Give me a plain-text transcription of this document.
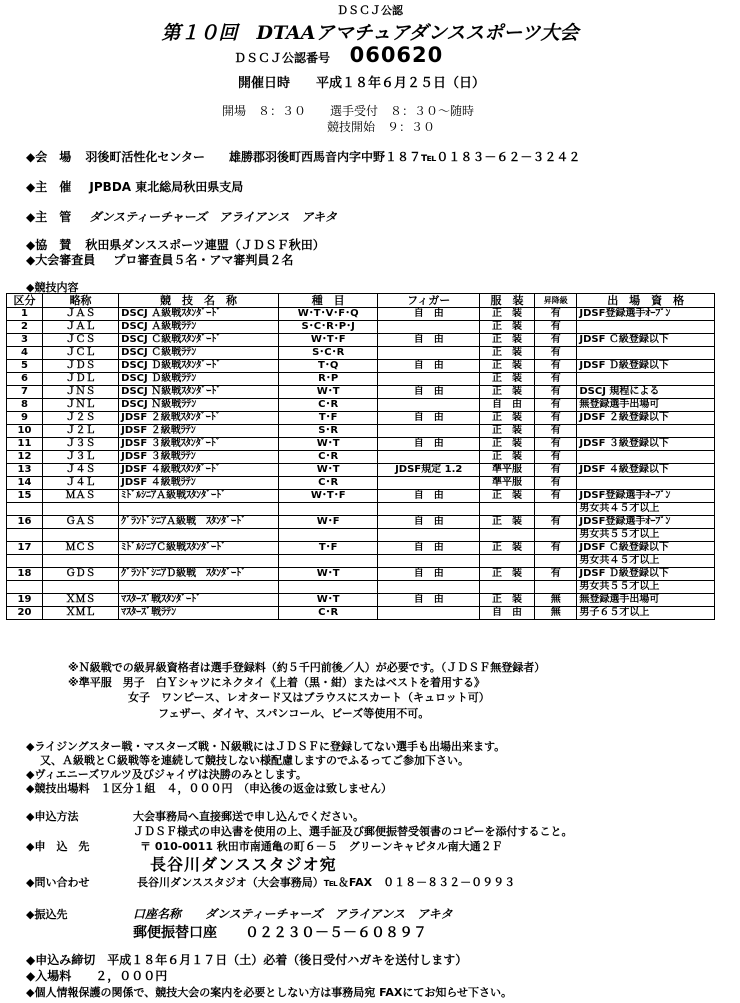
ＤＳＣＪ公認
第１０回　DTAAアマチュアダンススポーツ大会
ＤＳＣＪ公認番号 060620
開催日時　　平成１８年６月２５日（日）
開場　８：３０　　選手受付　８：３０～随時
競技開始　９：３０
◆会　場 羽後町活性化センター　　雄勝郡羽後町西馬音内字中野１８７℡０１８３－６２－３２４２
◆主　催 JPBDA 東北総局秋田県支局
◆主　管 ダンスティーチャーズ　アライアンス　アキタ
◆協　賛 秋田県ダンススポーツ連盟（ＪＤＳＦ秋田）
◆大会審査員 プロ審査員５名・アマ審判員２名
◆競技内容
区分	略称	競　技　名　称	種　目	フィガー	服　装	昇降級	出　場　資　格
1	ＪＡＳ	DSCJ Ａ級戦ｽﾀﾝﾀﾞｰﾄﾞ	W･T･V･F･Q	自　由	正　装	有	JDSF登録選手ｵｰﾌﾟﾝ
2	ＪＡＬ	DSCJ Ａ級戦ﾗﾃﾝ	S･C･R･P･J		正　装	有	
3	ＪＣＳ	DSCJ Ｃ級戦ｽﾀﾝﾀﾞｰﾄﾞ	W･T･F	自　由	正　装	有	JDSF Ｃ級登録以下
4	ＪＣＬ	DSCJ Ｃ級戦ﾗﾃﾝ	S･C･R		正　装	有	
5	ＪＤＳ	DSCJ Ｄ級戦ｽﾀﾝﾀﾞｰﾄﾞ	T･Q	自　由	正　装	有	JDSF Ｄ級登録以下
6	ＪＤＬ	DSCJ Ｄ級戦ﾗﾃﾝ	R･P		正　装	有	
7	ＪＮＳ	DSCJ Ｎ級戦ｽﾀﾝﾀﾞｰﾄﾞ	W･T	自　由	正　装	有	DSCJ 規程による
8	ＪＮＬ	DSCJ Ｎ級戦ﾗﾃﾝ	C･R		自　由	有	無登録選手出場可
9	Ｊ２Ｓ	JDSF ２級戦ｽﾀﾝﾀﾞｰﾄﾞ	T･F	自　由	正　装	有	JDSF ２級登録以下
10	Ｊ２Ｌ	JDSF ２級戦ﾗﾃﾝ	S･R		正　装	有	
11	Ｊ３Ｓ	JDSF ３級戦ｽﾀﾝﾀﾞｰﾄﾞ	W･T	自　由	正　装	有	JDSF ３級登録以下
12	Ｊ３Ｌ	JDSF ３級戦ﾗﾃﾝ	C･R		正　装	有	
13	Ｊ４Ｓ	JDSF ４級戦ｽﾀﾝﾀﾞｰﾄﾞ	W･T	JDSF規定 1.2	準平服	有	JDSF ４級登録以下
14	Ｊ４Ｌ	JDSF ４級戦ﾗﾃﾝ	C･R		準平服	有	
15	ＭＡＳ	ﾐﾄﾞﾙｼﾆｱＡ級戦ｽﾀﾝﾀﾞｰﾄﾞ	W･T･F	自　由	正　装	有	JDSF登録選手ｵｰﾌﾟﾝ
							男女共４５才以上
16	ＧＡＳ	ｸﾞﾗﾝﾄﾞｼﾆｱＡ級戦　ｽﾀﾝﾀﾞｰﾄﾞ	W･F	自　由	正　装	有	JDSF登録選手ｵｰﾌﾟﾝ
							男女共５５才以上
17	ＭＣＳ	ﾐﾄﾞﾙｼﾆｱＣ級戦ｽﾀﾝﾀﾞｰﾄﾞ	T･F	自　由	正　装	有	JDSF Ｃ級登録以下
							男女共４５才以上
18	ＧＤＳ	ｸﾞﾗﾝﾄﾞｼﾆｱＤ級戦　ｽﾀﾝﾀﾞｰﾄﾞ	W･T	自　由	正　装	有	JDSF Ｄ級登録以下
							男女共５５才以上
19	ＸＭＳ	ﾏｽﾀｰｽﾞ戦ｽﾀﾝﾀﾞｰﾄﾞ	W･T	自　由	正　装	無	無登録選手出場可
20	ＸＭＬ	ﾏｽﾀｰｽﾞ戦ﾗﾃﾝ	C･R		自　由	無	男子６５才以上
※Ｎ級戦での級昇級資格者は選手登録料（約５千円前後／人）が必要です。（ＪＤＳＦ無登録者）
※準平服　男子　白Ｙシャツにネクタイ《上着（黒・紺）またはベストを着用する》
女子　ワンピース、レオタード又はブラウスにスカート（キュロット可）
フェザー、ダイヤ、スパンコール、ビーズ等使用不可。
◆ライジングスター戦・マスターズ戦・Ｎ級戦にはＪＤＳＦに登録してない選手も出場出来ます。
又、Ａ級戦とＣ級戦等を連続して競技しない様配慮しますのでふるってご参加下さい。
◆ヴィエニーズワルツ及びジャイヴは決勝のみとします。
◆競技出場料　１区分１組　４，０００円　（申込後の返金は致しません）
◆申込方法	大会事務局へ直接郵送で申し込んでください。
ＪＤＳＦ様式の申込書を使用の上、選手証及び郵便振替受領書のコピーを添付すること。
◆申　込　先	〒 010-0011 秋田市南通亀の町６－５　グリーンキャピタル南大通２Ｆ
長谷川ダンススタジオ宛
◆問い合わせ	長谷川ダンススタジオ（大会事務局）℡＆FAX　０１８－８３２－０９９３
◆振込先	口座名称　　ダンスティーチャーズ　アライアンス　アキタ
郵便振替口座　　０２２３０－５－６０８９７
◆申込み締切　平成１８年６月１７日（土）必着（後日受付ハガキを送付します）
◆入場料　　２，０００円
◆個人情報保護の関係で、競技大会の案内を必要としない方は事務局宛 FAXにてお知らせ下さい。
